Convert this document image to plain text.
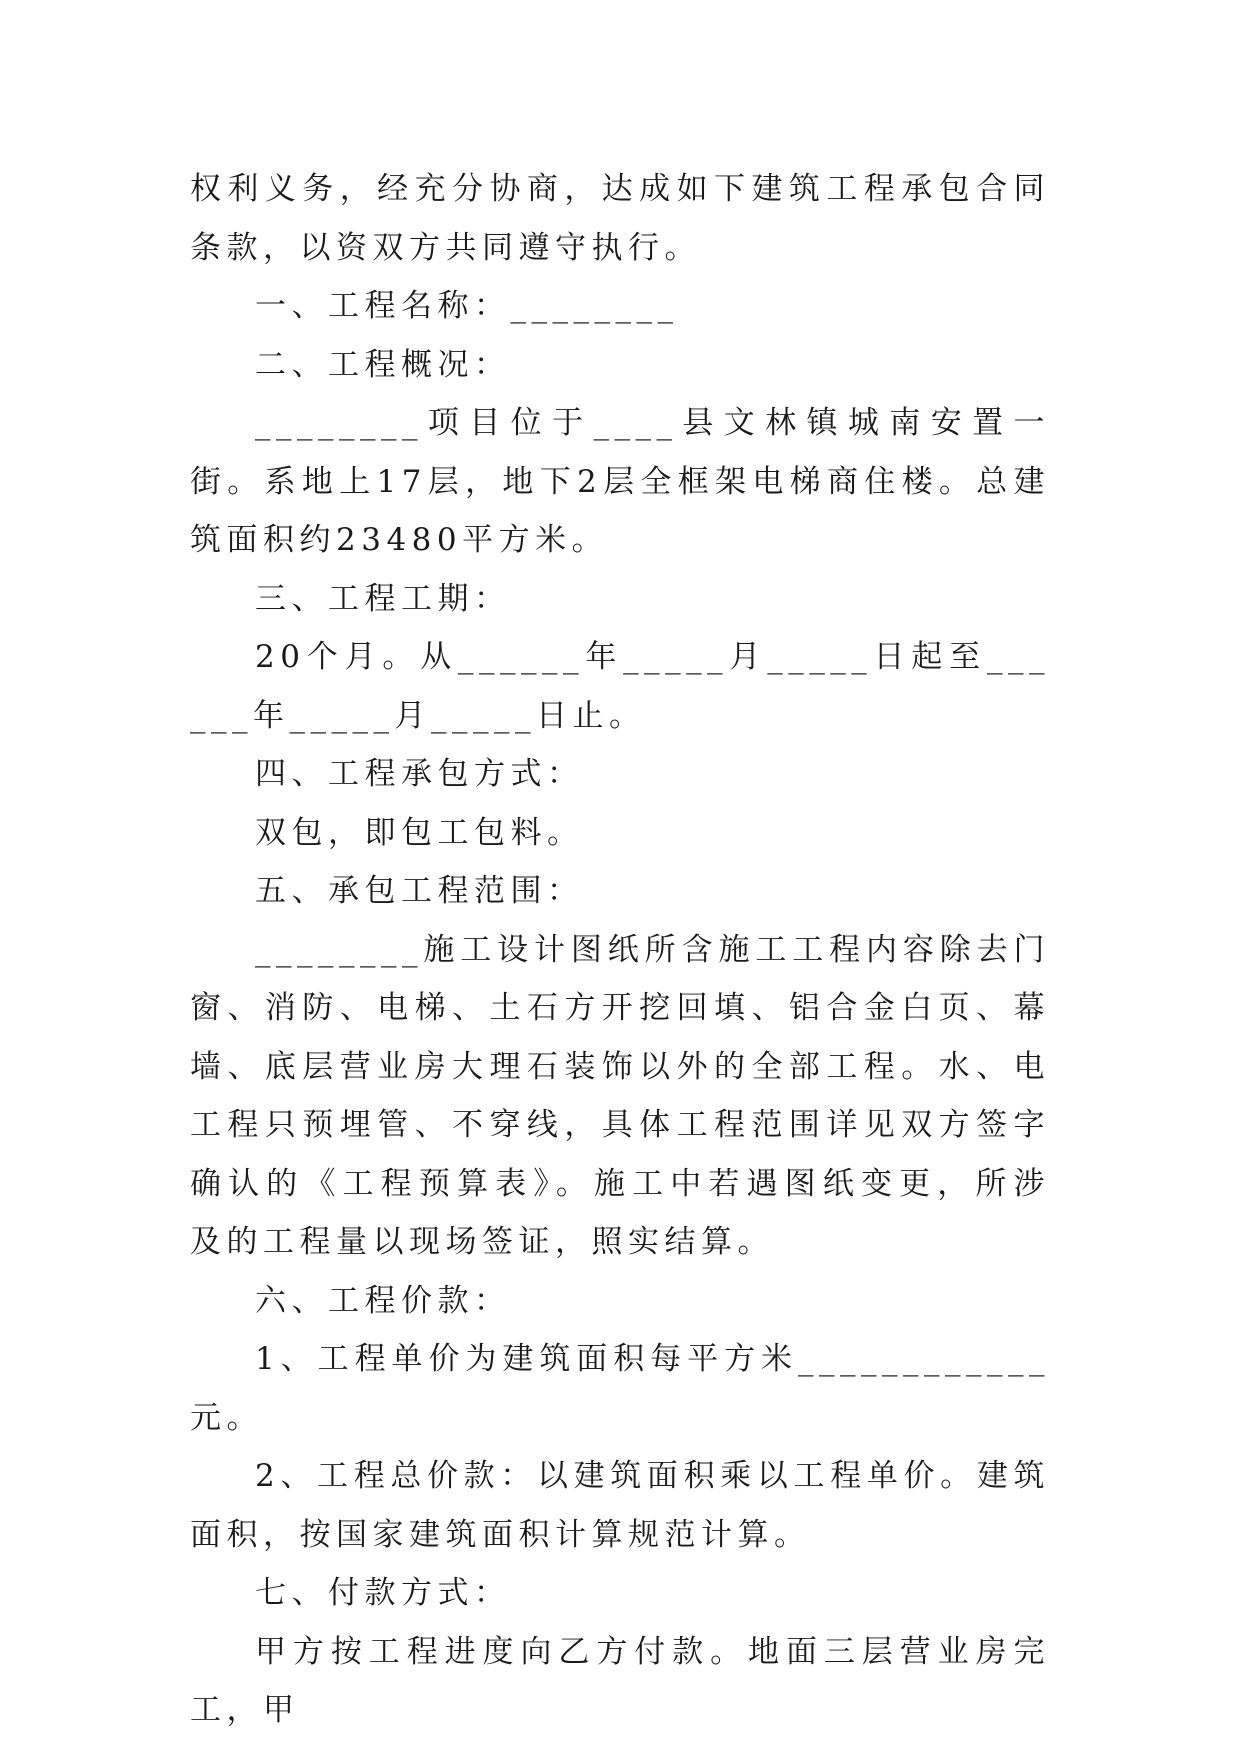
权利义务，经充分协商，达成如下建筑工程承包合同条款，以资双方共同遵守执行。

一、工程名称：________

二、工程概况：

________项目位于____县文林镇城南安置一街。系地上17层，地下2层全框架电梯商住楼。总建筑面积约23480平方米。

三、工程工期：

20个月。从______年_____月_____日起至______年_____月_____日止。

四、工程承包方式：

双包，即包工包料。

五、承包工程范围：

________施工设计图纸所含施工工程内容除去门窗、消防、电梯、土石方开挖回填、铝合金白页、幕墙、底层营业房大理石装饰以外的全部工程。水、电工程只预埋管、不穿线，具体工程范围详见双方签字确认的《工程预算表》。施工中若遇图纸变更，所涉及的工程量以现场签证，照实结算。

六、工程价款：

1、工程单价为建筑面积每平方米____________元。

2、工程总价款：以建筑面积乘以工程单价。建筑面积，按国家建筑面积计算规范计算。

七、付款方式：

甲方按工程进度向乙方付款。地面三层营业房完工，甲
